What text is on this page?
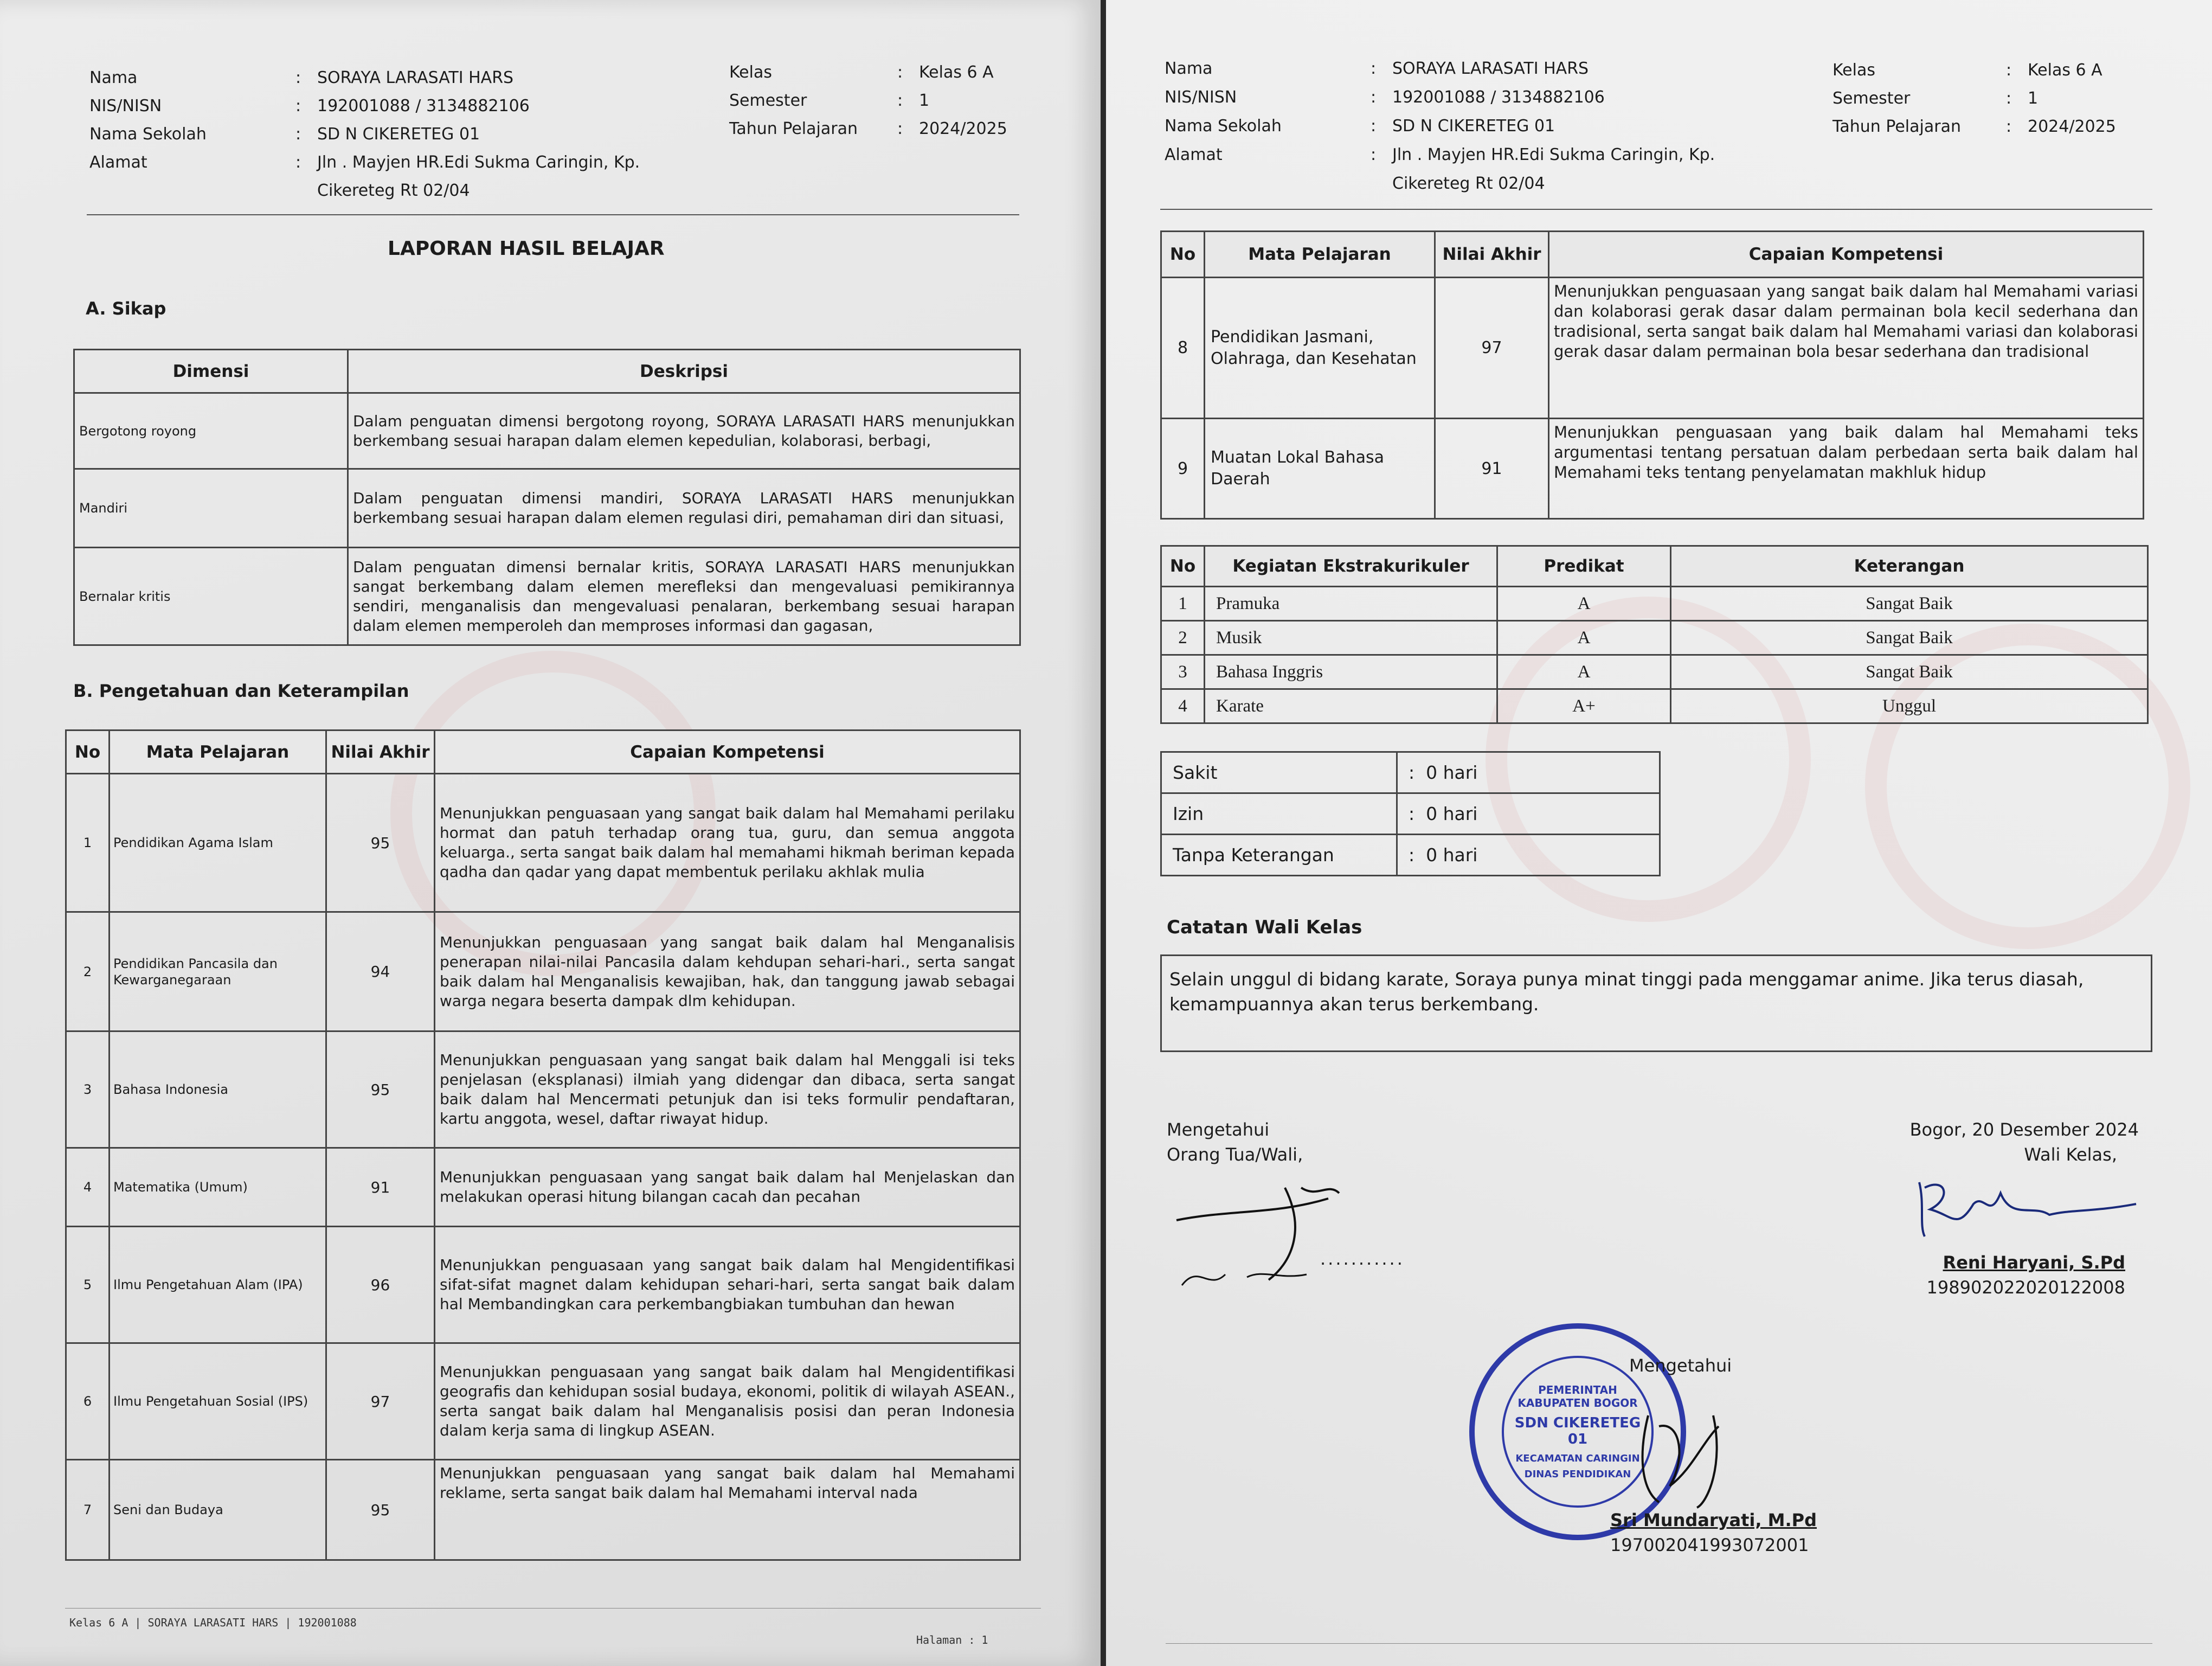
Nama	: SORAYA LARASATI HARS
NIS/NISN	: 192001088 / 3134882106
Nama Sekolah	: SD N CIKERETEG 01
Alamat	: Jln . Mayjen HR.Edi Sukma Caringin, Kp.
Cikereteg Rt 02/04
Kelas	: Kelas 6 A
Semester	: 1
Tahun Pelajaran	: 2024/2025
LAPORAN HASIL BELAJAR
A. Sikap
Dimensi	Deskripsi
Bergotong royong	Dalam penguatan dimensi bergotong royong, SORAYA LARASATI HARS menunjukkan berkembang sesuai harapan dalam elemen kepedulian, kolaborasi, berbagi,
Mandiri	Dalam penguatan dimensi mandiri, SORAYA LARASATI HARS menunjukkan berkembang sesuai harapan dalam elemen regulasi diri, pemahaman diri dan situasi,
Bernalar kritis	Dalam penguatan dimensi bernalar kritis, SORAYA LARASATI HARS menunjukkan sangat berkembang dalam elemen merefleksi dan mengevaluasi pemikirannya sendiri, menganalisis dan mengevaluasi penalaran, berkembang sesuai harapan dalam elemen memperoleh dan memproses informasi dan gagasan,
B. Pengetahuan dan Keterampilan
No	Mata Pelajaran	Nilai Akhir	Capaian Kompetensi
1	Pendidikan Agama Islam	95	Menunjukkan penguasaan yang sangat baik dalam hal Memahami perilaku hormat dan patuh terhadap orang tua, guru, dan semua anggota keluarga., serta sangat baik dalam hal memahami hikmah beriman kepada qadha dan qadar yang dapat membentuk perilaku akhlak mulia
2	Pendidikan Pancasila dan Kewarganegaraan	94	Menunjukkan penguasaan yang sangat baik dalam hal Menganalisis penerapan nilai-nilai Pancasila dalam kehdupan sehari-hari., serta sangat baik dalam hal Menganalisis kewajiban, hak, dan tanggung jawab sebagai warga negara beserta dampak dlm kehidupan.
3	Bahasa Indonesia	95	Menunjukkan penguasaan yang sangat baik dalam hal Menggali isi teks penjelasan (eksplanasi) ilmiah yang didengar dan dibaca, serta sangat baik dalam hal Mencermati petunjuk dan isi teks formulir pendaftaran, kartu anggota, wesel, daftar riwayat hidup.
4	Matematika (Umum)	91	Menunjukkan penguasaan yang sangat baik dalam hal Menjelaskan dan melakukan operasi hitung bilangan cacah dan pecahan
5	Ilmu Pengetahuan Alam (IPA)	96	Menunjukkan penguasaan yang sangat baik dalam hal Mengidentifikasi sifat-sifat magnet dalam kehidupan sehari-hari, serta sangat baik dalam hal Membandingkan cara perkembangbiakan tumbuhan dan hewan
6	Ilmu Pengetahuan Sosial (IPS)	97	Menunjukkan penguasaan yang sangat baik dalam hal Mengidentifikasi geografis dan kehidupan sosial budaya, ekonomi, politik di wilayah ASEAN., serta sangat baik dalam hal Menganalisis posisi dan peran Indonesia dalam kerja sama di lingkup ASEAN.
7	Seni dan Budaya	95	Menunjukkan penguasaan yang sangat baik dalam hal Memahami reklame, serta sangat baik dalam hal Memahami interval nada
Kelas 6 A | SORAYA LARASATI HARS | 192001088
Halaman : 1
Nama	: SORAYA LARASATI HARS
NIS/NISN	: 192001088 / 3134882106
Nama Sekolah	: SD N CIKERETEG 01
Alamat	: Jln . Mayjen HR.Edi Sukma Caringin, Kp.
Cikereteg Rt 02/04
Kelas	: Kelas 6 A
Semester	: 1
Tahun Pelajaran	: 2024/2025
No	Mata Pelajaran	Nilai Akhir	Capaian Kompetensi
8	Pendidikan Jasmani, Olahraga, dan Kesehatan	97	Menunjukkan penguasaan yang sangat baik dalam hal Memahami variasi dan kolaborasi gerak dasar dalam permainan bola kecil sederhana dan tradisional, serta sangat baik dalam hal Memahami variasi dan kolaborasi gerak dasar dalam permainan bola besar sederhana dan tradisional
9	Muatan Lokal Bahasa Daerah	91	Menunjukkan penguasaan yang baik dalam hal Memahami teks argumentasi tentang persatuan dalam perbedaan serta baik dalam hal Memahami teks tentang penyelamatan makhluk hidup
No	Kegiatan Ekstrakurikuler	Predikat	Keterangan
1	Pramuka	A	Sangat Baik
2	Musik	A	Sangat Baik
3	Bahasa Inggris	A	Sangat Baik
4	Karate	A+	Unggul
Sakit	: 0 hari
Izin	: 0 hari
Tanpa Keterangan	: 0 hari
Catatan Wali Kelas
Selain unggul di bidang karate, Soraya punya minat tinggi pada menggamar anime. Jika terus diasah, kemampuannya akan terus berkembang.
Mengetahui
Orang Tua/Wali,
...........
Bogor, 20 Desember 2024
Wali Kelas,
Reni Haryani, S.Pd
198902022020122008
PEMERINTAH KABUPATEN BOGOR
SDN CIKERETEG 01
KECAMATAN CARINGIN
DINAS PENDIDIKAN
Mengetahui
Sri Mundaryati, M.Pd
197002041993072001
